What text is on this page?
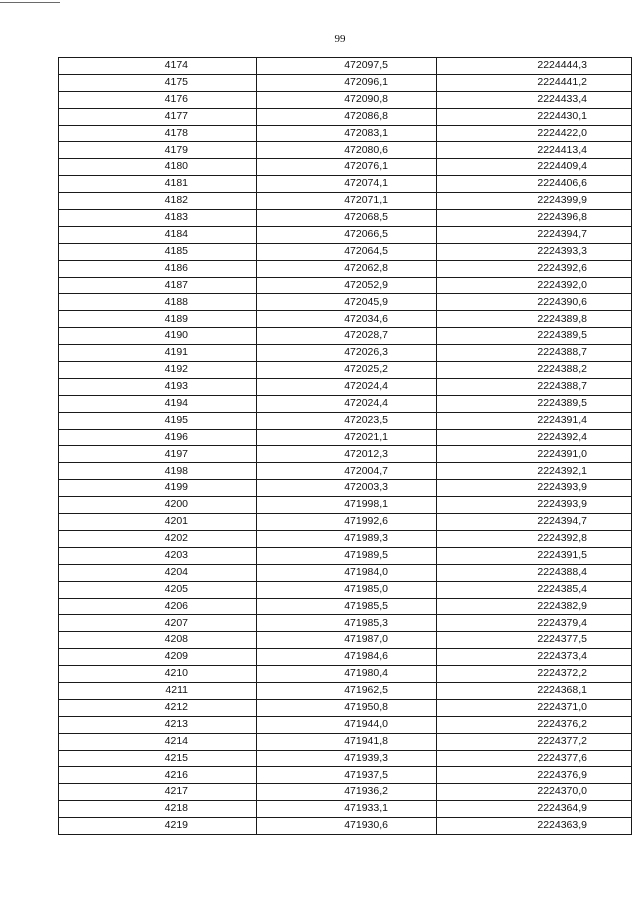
99
4174	472097,5	2224444,3
4175	472096,1	2224441,2
4176	472090,8	2224433,4
4177	472086,8	2224430,1
4178	472083,1	2224422,0
4179	472080,6	2224413,4
4180	472076,1	2224409,4
4181	472074,1	2224406,6
4182	472071,1	2224399,9
4183	472068,5	2224396,8
4184	472066,5	2224394,7
4185	472064,5	2224393,3
4186	472062,8	2224392,6
4187	472052,9	2224392,0
4188	472045,9	2224390,6
4189	472034,6	2224389,8
4190	472028,7	2224389,5
4191	472026,3	2224388,7
4192	472025,2	2224388,2
4193	472024,4	2224388,7
4194	472024,4	2224389,5
4195	472023,5	2224391,4
4196	472021,1	2224392,4
4197	472012,3	2224391,0
4198	472004,7	2224392,1
4199	472003,3	2224393,9
4200	471998,1	2224393,9
4201	471992,6	2224394,7
4202	471989,3	2224392,8
4203	471989,5	2224391,5
4204	471984,0	2224388,4
4205	471985,0	2224385,4
4206	471985,5	2224382,9
4207	471985,3	2224379,4
4208	471987,0	2224377,5
4209	471984,6	2224373,4
4210	471980,4	2224372,2
4211	471962,5	2224368,1
4212	471950,8	2224371,0
4213	471944,0	2224376,2
4214	471941,8	2224377,2
4215	471939,3	2224377,6
4216	471937,5	2224376,9
4217	471936,2	2224370,0
4218	471933,1	2224364,9
4219	471930,6	2224363,9
